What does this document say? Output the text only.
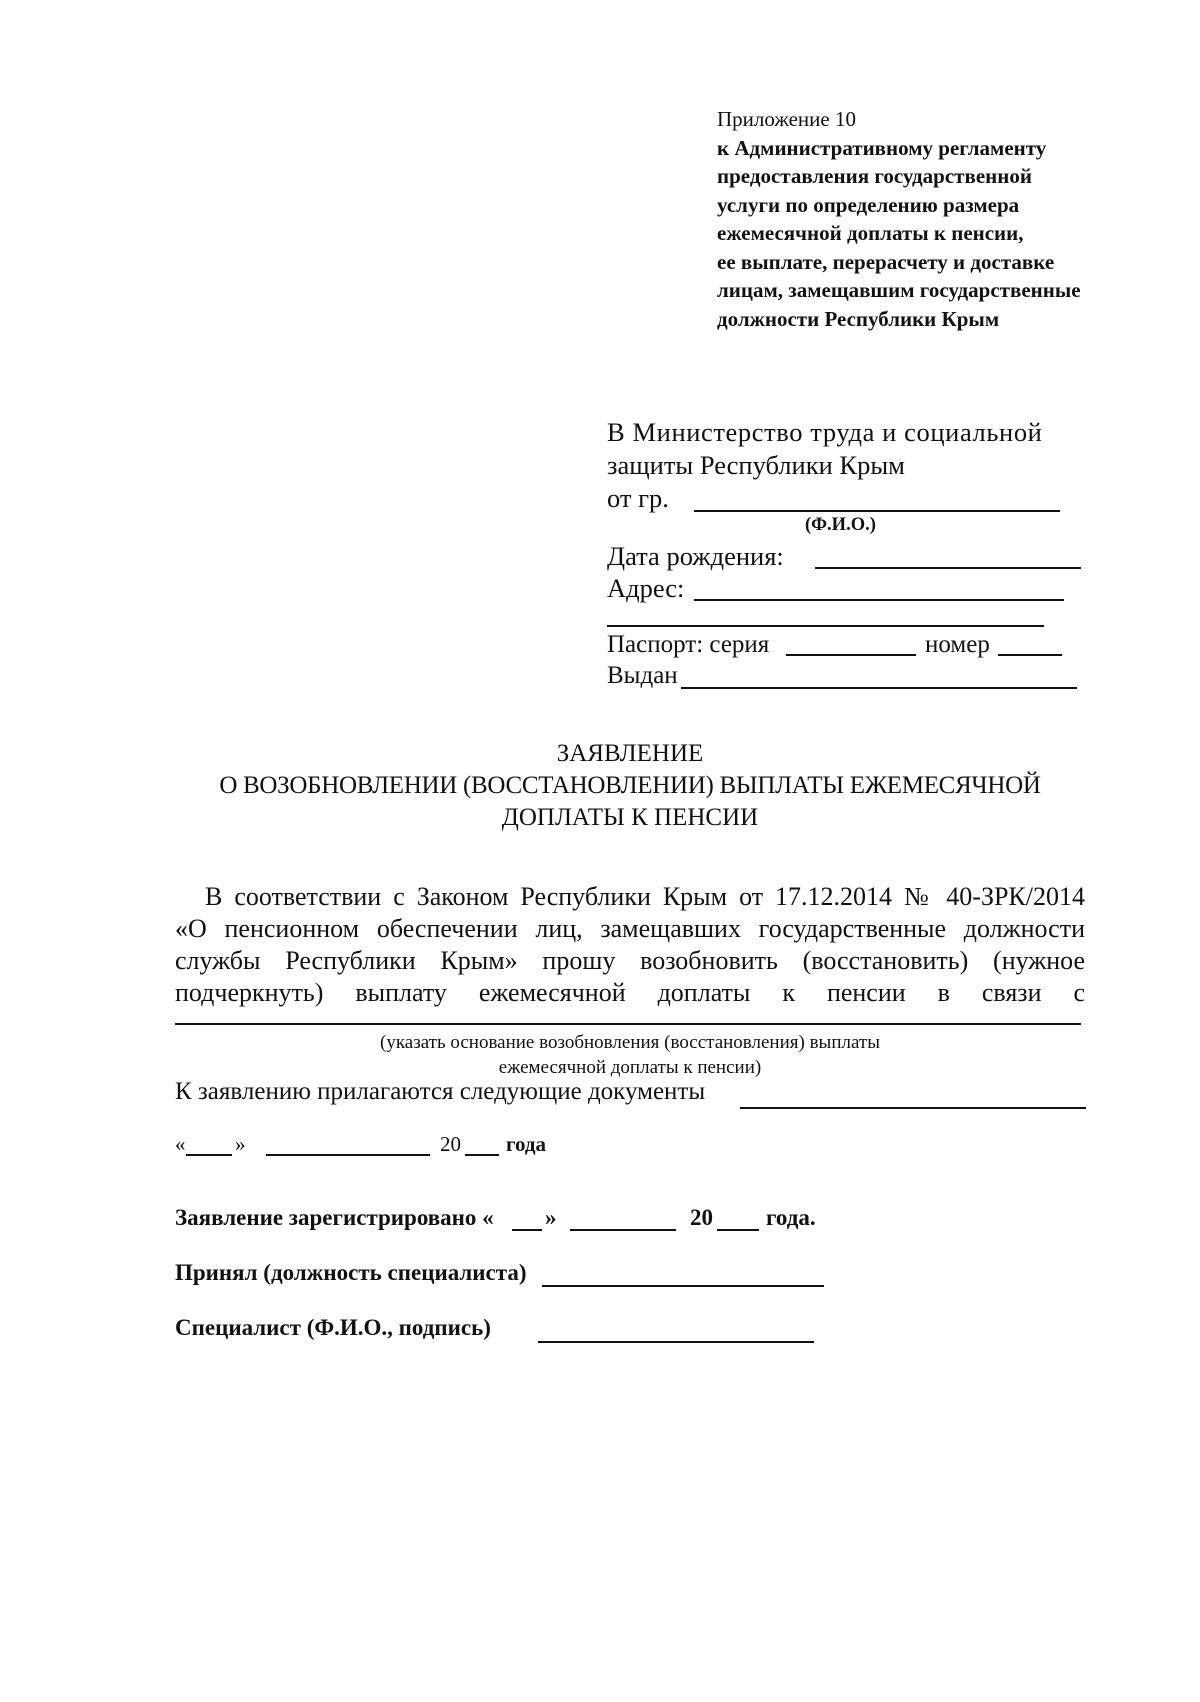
Приложение 10
к Административному регламенту
предоставления государственной
услуги по определению размера
ежемесячной доплаты к пенсии,
ее выплате, перерасчету и доставке
лицам, замещавшим государственные
должности Республики Крым
В Министерство труда и социальной
защиты Республики Крым
от гр.
(Ф.И.О.)
Дата рождения:
Адрес:
Паспорт: серия	номер
Выдан
ЗАЯВЛЕНИЕ
О ВОЗОБНОВЛЕНИИ (ВОССТАНОВЛЕНИИ) ВЫПЛАТЫ ЕЖЕМЕСЯЧНОЙ
ДОПЛАТЫ К ПЕНСИИ
В соответствии с Законом Республики Крым от 17.12.2014 № 40-ЗРК/2014
«О пенсионном обеспечении лиц, замещавших государственные должности
службы Республики Крым» прошу возобновить (восстановить) (нужное
подчеркнуть) выплату ежемесячной доплаты к пенсии в связи с
(указать основание возобновления (восстановления) выплаты
ежемесячной доплаты к пенсии)
К заявлению прилагаются следующие документы
« »	20 года
Заявление зарегистрировано « »	20 года.
Принял (должность специалиста)
Специалист (Ф.И.О., подпись)
